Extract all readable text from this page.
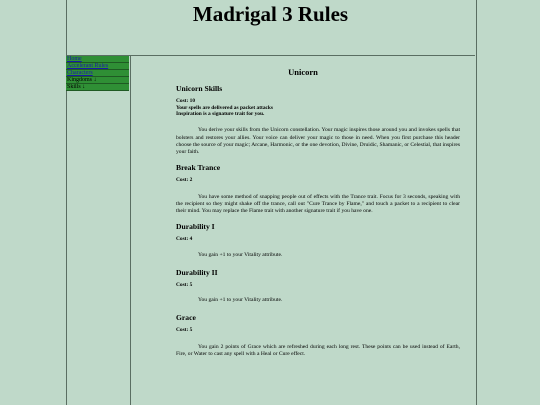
Madrigal 3 Rules
Home
Accelerant Rules
Characters
Kingdoms ↓
Skills ↓
Unicorn
Unicorn Skills
Cost: 10
Your spells are delivered as packet attacks
Inspiration is a signature trait for you.

You derive your skills from the Unicorn constellation. Your magic inspires those around you and invokes spells that bolsters and restores your allies. Your voice can deliver your magic to those in need. When you first purchase this header choose the source of your magic; Arcane, Harmonic, or the one devotion, Divine, Druidic, Shamanic, or Celestial, that inspires your faith.

Break Trance
Cost: 2

You have some method of snapping people out of effects with the Trance trait. Focus for 3 seconds, speaking with the recipient so they might shake off the trance, call out "Cure Trance by Flame," and touch a packet to a recipient to clear their mind. You may replace the Flame trait with another signature trait if you have one.

Durability I
Cost: 4

You gain +1 to your Vitality attribute.

Durability II
Cost: 5

You gain +1 to your Vitality attribute.

Grace
Cost: 5

You gain 2 points of Grace which are refreshed during each long rest. These points can be used instead of Earth, Fire, or Water to cast any spell with a Heal or Cure effect.
